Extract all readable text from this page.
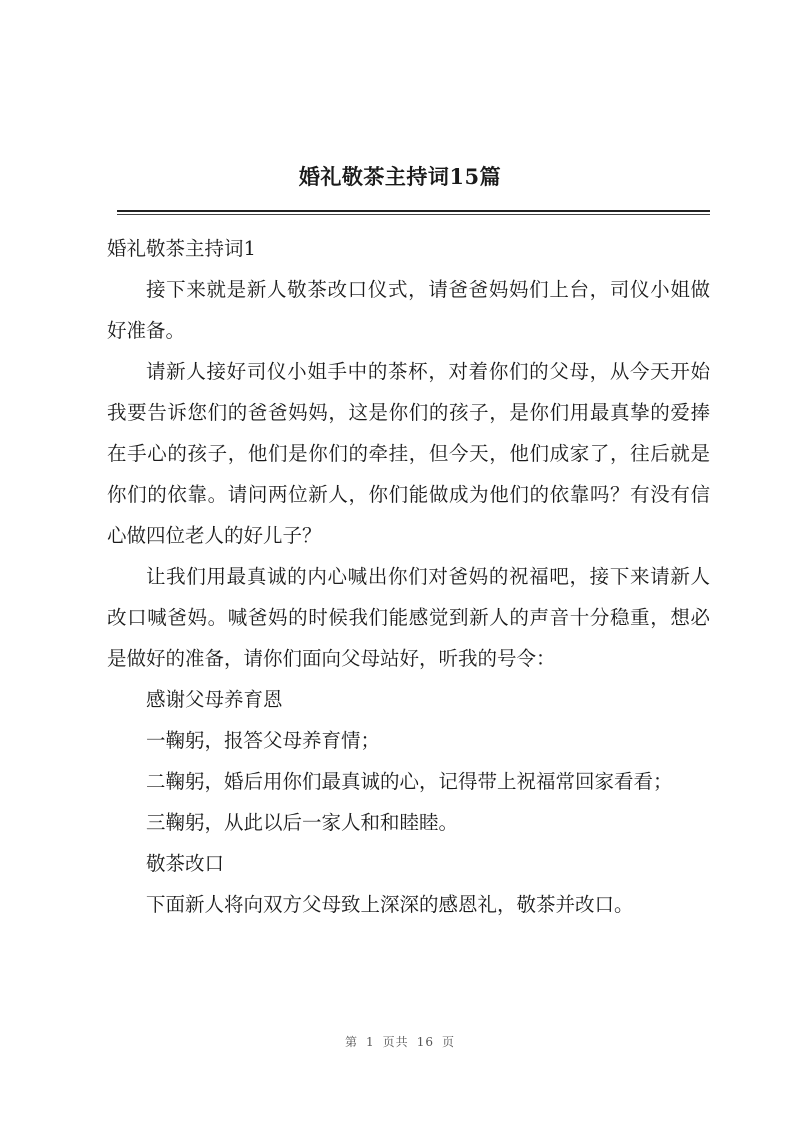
婚礼敬茶主持词15篇

婚礼敬茶主持词1

接下来就是新人敬茶改口仪式，请爸爸妈妈们上台，司仪小姐做好准备。

请新人接好司仪小姐手中的茶杯，对着你们的父母，从今天开始我要告诉您们的爸爸妈妈，这是你们的孩子，是你们用最真挚的爱捧在手心的孩子，他们是你们的牵挂，但今天，他们成家了，往后就是你们的依靠。请问两位新人，你们能做成为他们的依靠吗？有没有信心做四位老人的好儿子？

让我们用最真诚的内心喊出你们对爸妈的祝福吧，接下来请新人改口喊爸妈。喊爸妈的时候我们能感觉到新人的声音十分稳重，想必是做好的准备，请你们面向父母站好，听我的号令：

感谢父母养育恩

一鞠躬，报答父母养育情；

二鞠躬，婚后用你们最真诚的心，记得带上祝福常回家看看；

三鞠躬，从此以后一家人和和睦睦。

敬茶改口

下面新人将向双方父母致上深深的感恩礼，敬茶并改口。

第 1 页共 16 页
